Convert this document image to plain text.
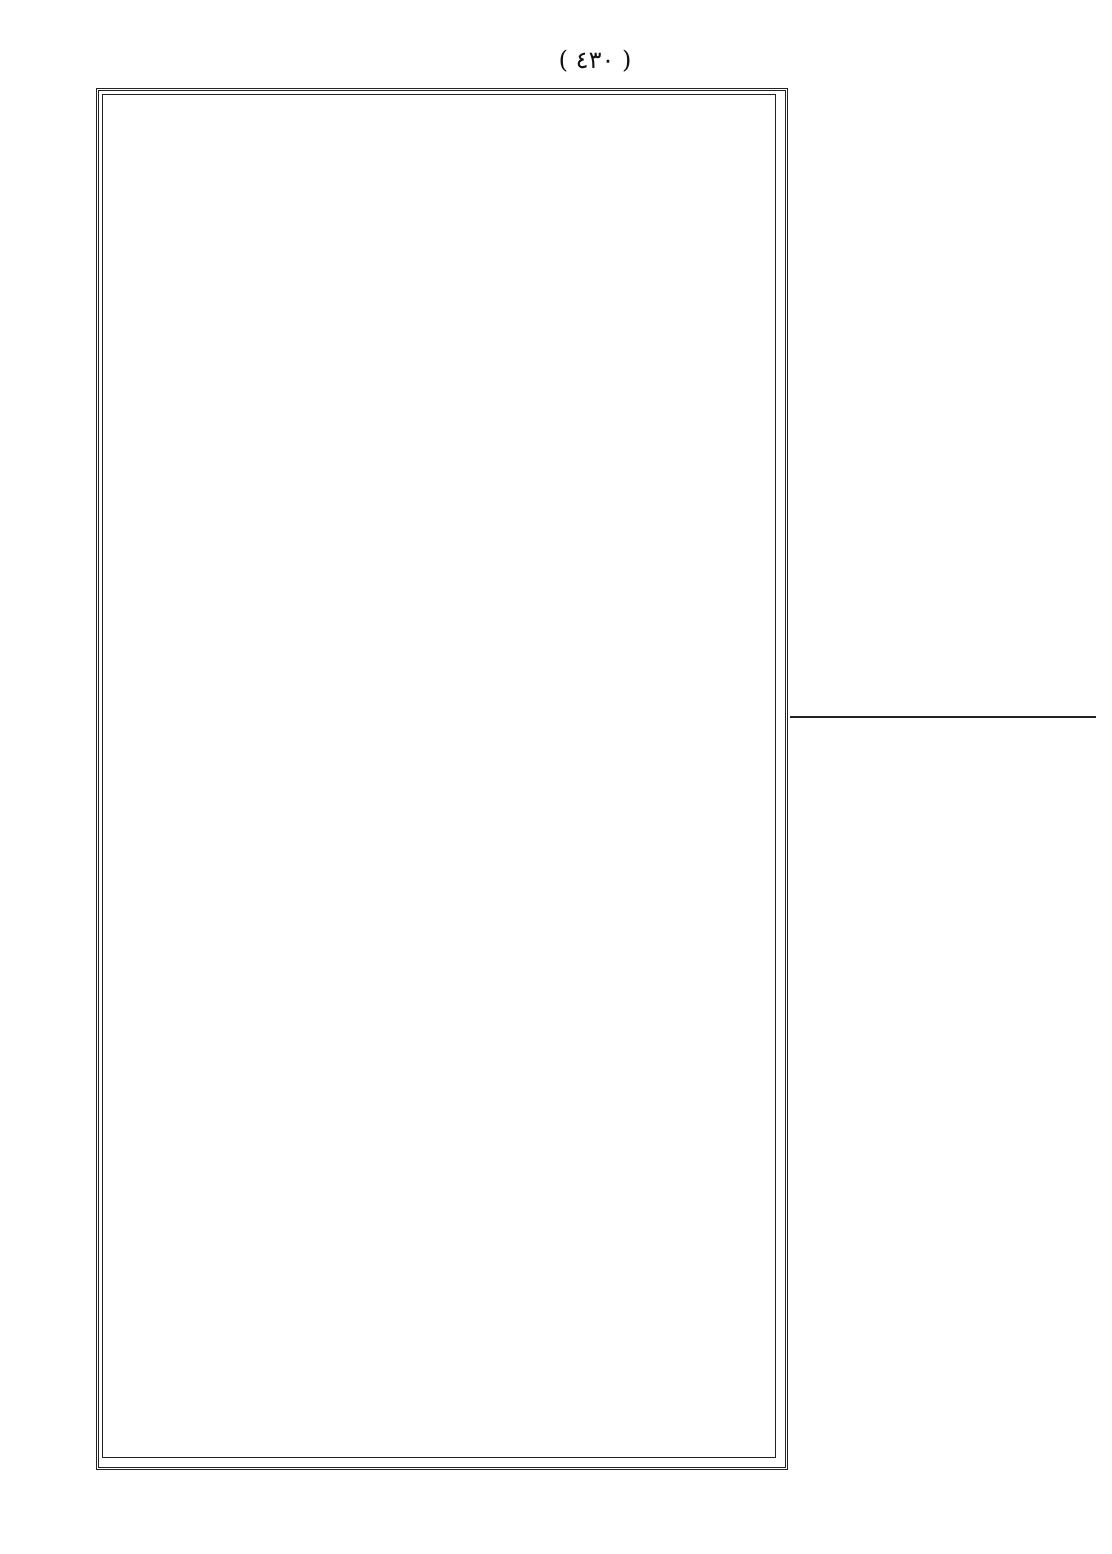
( ٤٣٠ )
